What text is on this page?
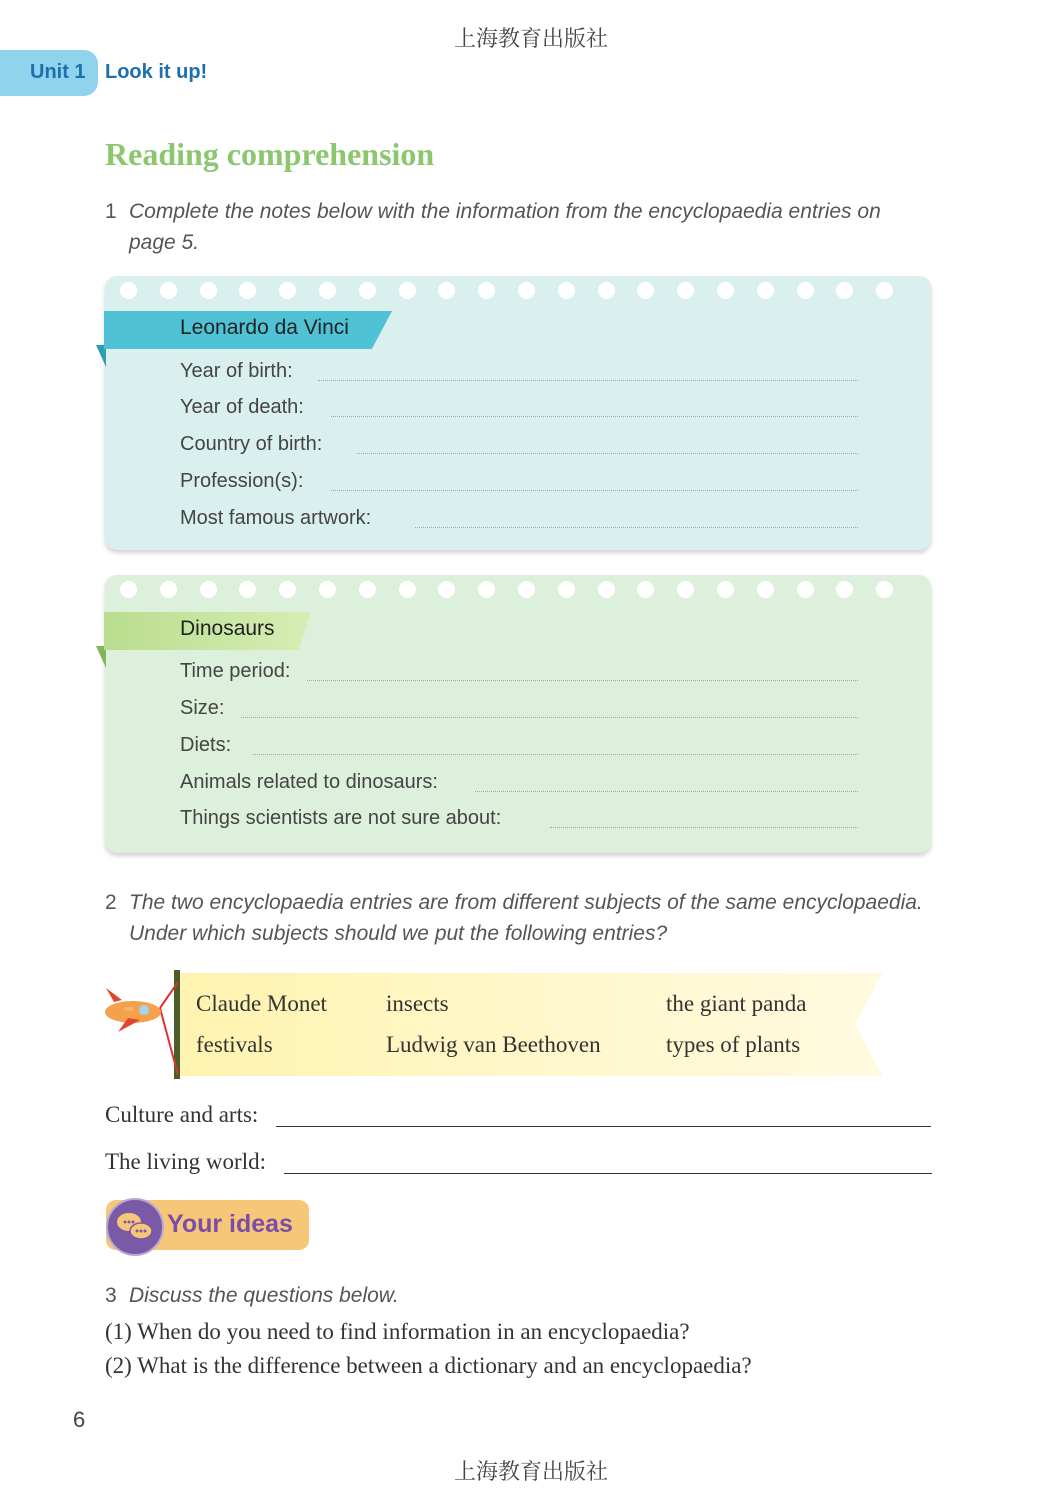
上海教育出版社
Unit 1 Look it up!
Reading comprehension
1 Complete the notes below with the information from the encyclopaedia entries on
page 5.
Leonardo da Vinci
Year of birth:
Year of death:
Country of birth:
Profession(s):
Most famous artwork:
Dinosaurs
Time period:
Size:
Diets:
Animals related to dinosaurs:
Things scientists are not sure about:
2 The two encyclopaedia entries are from different subjects of the same encyclopaedia.
Under which subjects should we put the following entries?
Claude Monet	insects	the giant panda
festivals	Ludwig van Beethoven	types of plants
Culture and arts:
The living world:
Your ideas
3 Discuss the questions below.
(1) When do you need to find information in an encyclopaedia?
(2) What is the difference between a dictionary and an encyclopaedia?
6
上海教育出版社
